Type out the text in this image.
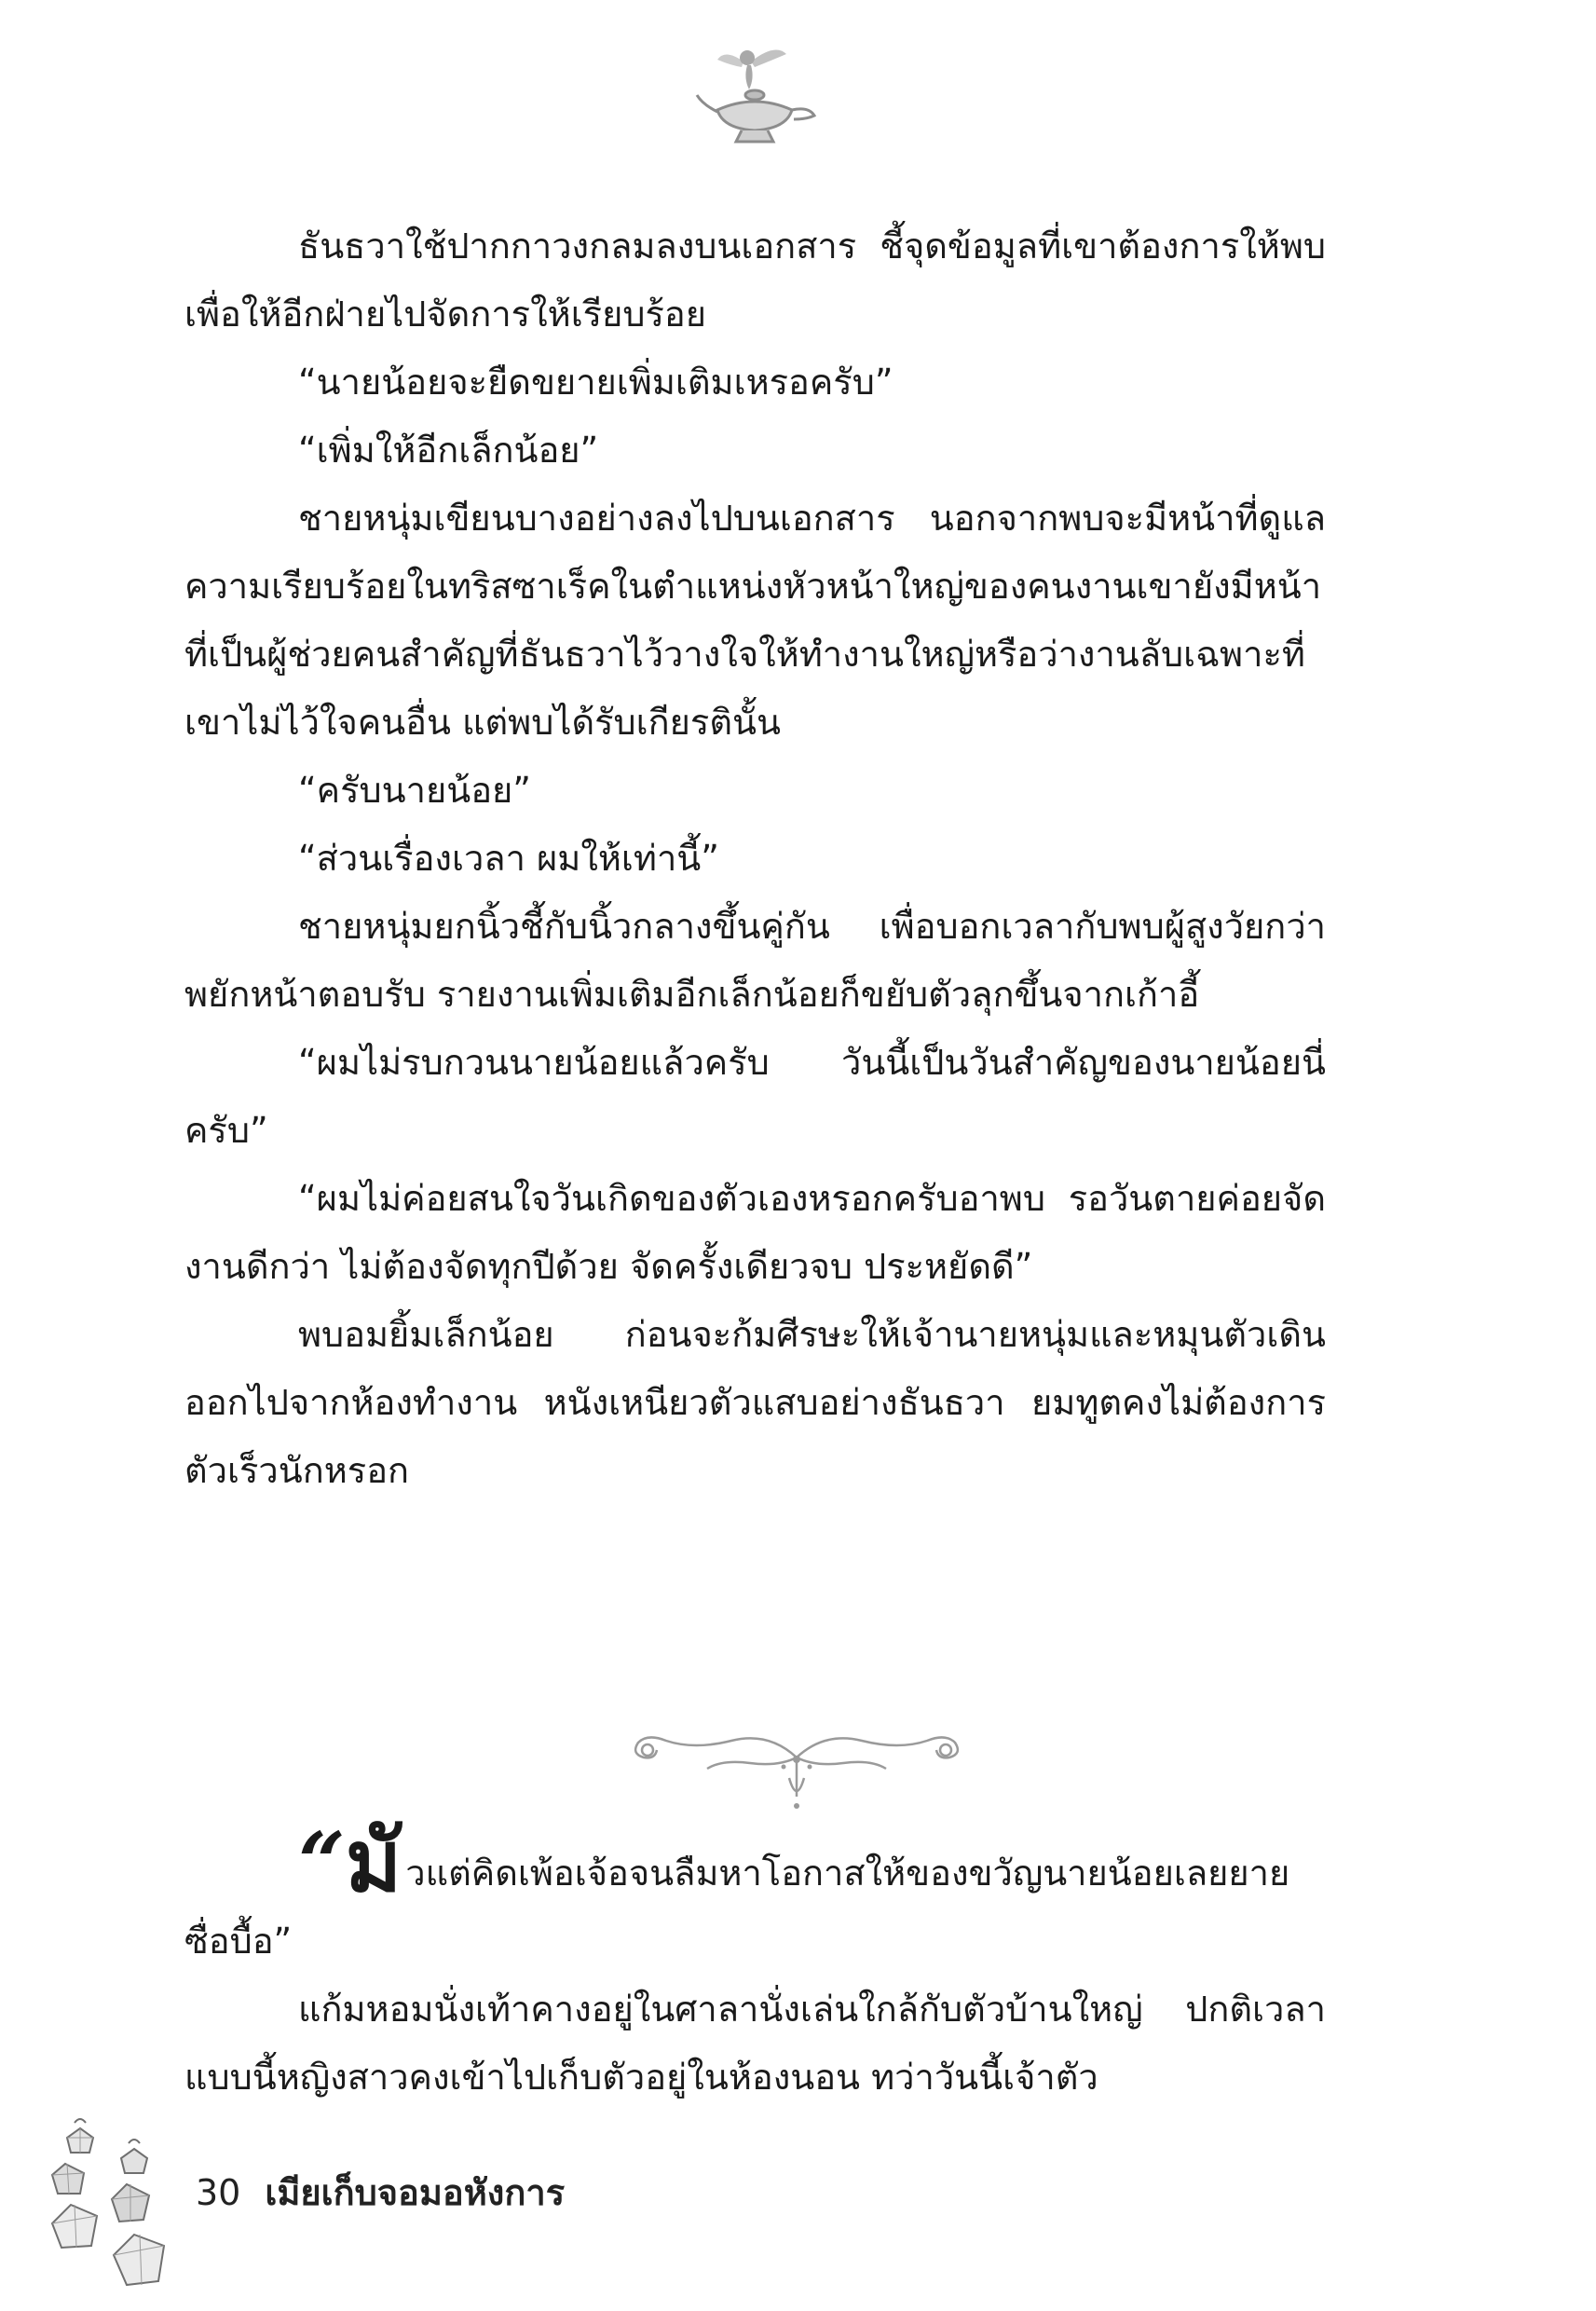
ธันธวาใช้ปากกาวงกลมลงบนเอกสาร ชี้จุดข้อมูลที่เขาต้องการให้พบ เพื่อให้อีกฝ่ายไปจัดการให้เรียบร้อย

“นายน้อยจะยืดขยายเพิ่มเติมเหรอครับ”

“เพิ่มให้อีกเล็กน้อย”

ชายหนุ่มเขียนบางอย่างลงไปบนเอกสาร นอกจากพบจะมีหน้าที่ดูแลความเรียบร้อยในทริสซาเร็คในตำแหน่งหัวหน้าใหญ่ของคนงานเขายังมีหน้าที่เป็นผู้ช่วยคนสำคัญที่ธันธวาไว้วางใจให้ทำงานใหญ่หรือว่างานลับเฉพาะที่เขาไม่ไว้ใจคนอื่น แต่พบได้รับเกียรตินั้น

“ครับนายน้อย”

“ส่วนเรื่องเวลา ผมให้เท่านี้”

ชายหนุ่มยกนิ้วชี้กับนิ้วกลางขึ้นคู่กัน เพื่อบอกเวลากับพบผู้สูงวัยกว่าพยักหน้าตอบรับ รายงานเพิ่มเติมอีกเล็กน้อยก็ขยับตัวลุกขึ้นจากเก้าอี้

“ผมไม่รบกวนนายน้อยแล้วครับ วันนี้เป็นวันสำคัญของนายน้อยนี่ครับ”

“ผมไม่ค่อยสนใจวันเกิดของตัวเองหรอกครับอาพบ รอวันตายค่อยจัดงานดีกว่า ไม่ต้องจัดทุกปีด้วย จัดครั้งเดียวจบ ประหยัดดี”

พบอมยิ้มเล็กน้อย ก่อนจะก้มศีรษะให้เจ้านายหนุ่มและหมุนตัวเดินออกไปจากห้องทำงาน หนังเหนียวตัวแสบอย่างธันธวา ยมทูตคงไม่ต้องการตัวเร็วนักหรอก

“มั วแต่คิดเพ้อเจ้อจนลืมหาโอกาสให้ของขวัญนายน้อยเลยยายซื่อบื้อ”

แก้มหอมนั่งเท้าคางอยู่ในศาลานั่งเล่นใกล้กับตัวบ้านใหญ่ ปกติเวลาแบบนี้หญิงสาวคงเข้าไปเก็บตัวอยู่ในห้องนอน ทว่าวันนี้เจ้าตัว

30 เมียเก็บจอมอหังการ
